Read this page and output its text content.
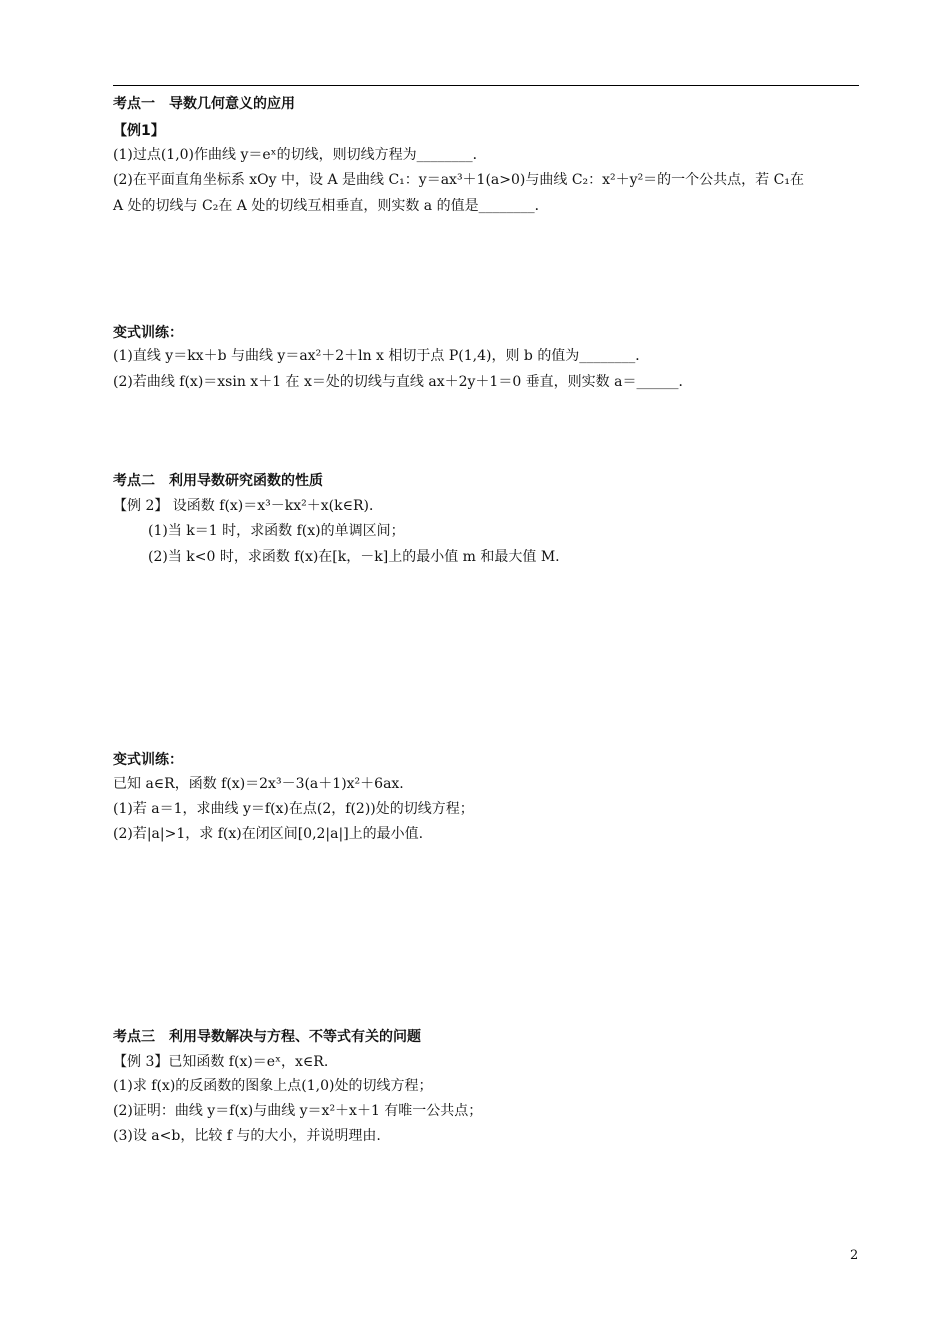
考点一　导数几何意义的应用
【例1】
(1)过点(1,0)作曲线 y＝eˣ的切线，则切线方程为________．
(2)在平面直角坐标系 xOy 中，设 A 是曲线 C₁：y＝ax³＋1(a>0)与曲线 C₂：x²＋y²＝的一个公共点，若 C₁在
A 处的切线与 C₂在 A 处的切线互相垂直，则实数 a 的值是________．
变式训练：
(1)直线 y＝kx＋b 与曲线 y＝ax²＋2＋ln x 相切于点 P(1,4)，则 b 的值为________．
(2)若曲线 f(x)＝xsin x＋1 在 x＝处的切线与直线 ax＋2y＋1＝0 垂直，则实数 a＝______．
考点二　利用导数研究函数的性质
【例 2】 设函数 f(x)＝x³－kx²＋x(k∈R)．
(1)当 k＝1 时，求函数 f(x)的单调区间；
(2)当 k<0 时，求函数 f(x)在[k，－k]上的最小值 m 和最大值 M.
变式训练：
已知 a∈R，函数 f(x)＝2x³－3(a＋1)x²＋6ax.
(1)若 a＝1，求曲线 y＝f(x)在点(2，f(2))处的切线方程；
(2)若|a|>1，求 f(x)在闭区间[0,2|a|]上的最小值.
考点三　利用导数解决与方程、不等式有关的问题
【例 3】已知函数 f(x)＝eˣ，x∈R.
(1)求 f(x)的反函数的图象上点(1,0)处的切线方程；
(2)证明：曲线 y＝f(x)与曲线 y＝x²＋x＋1 有唯一公共点；
(3)设 a<b，比较 f 与的大小，并说明理由.
2
